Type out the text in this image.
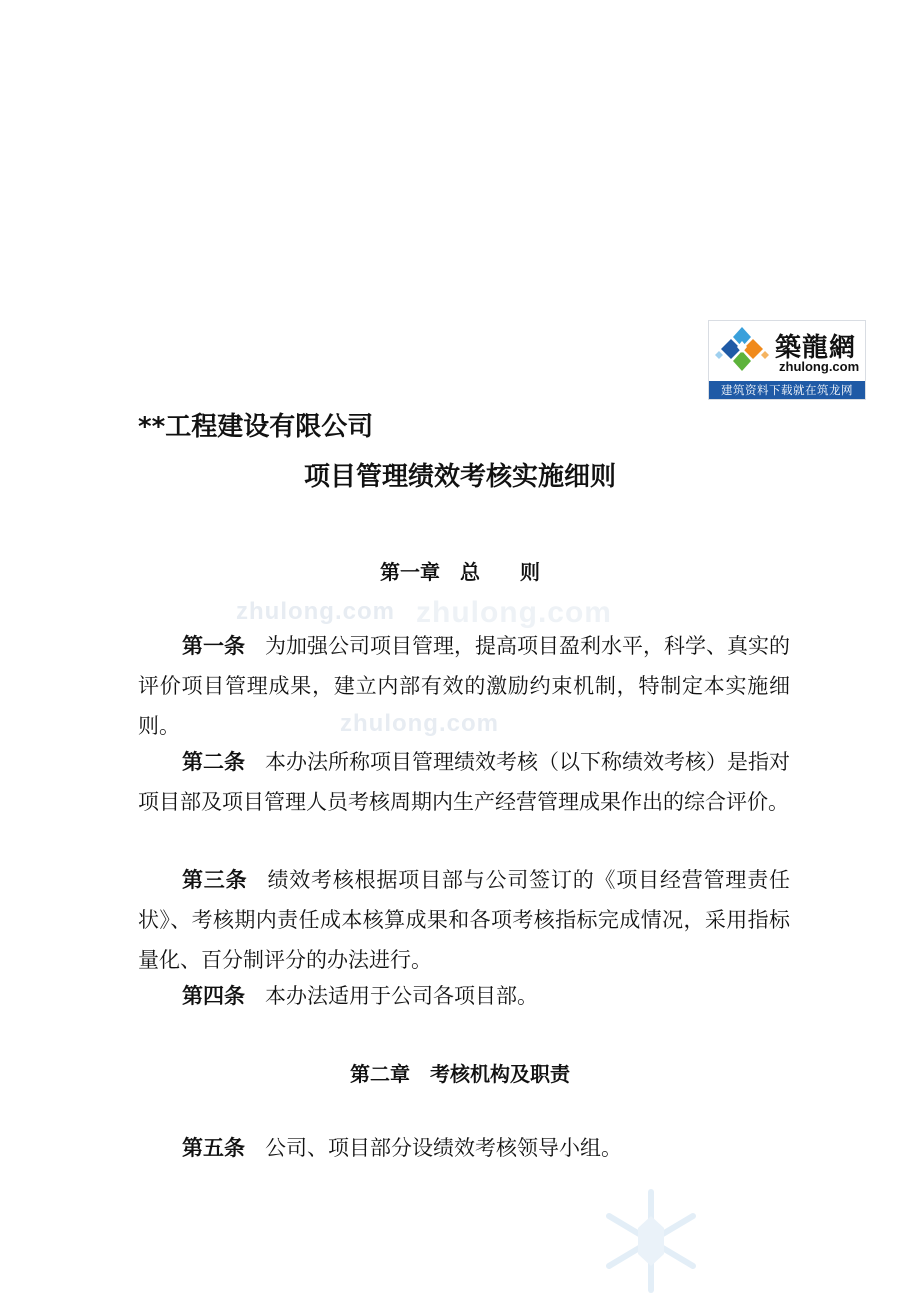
築龍網
zhulong.com
建筑资料下载就在筑龙网
**工程建设有限公司
项目管理绩效考核实施细则
第一章　总　　则
zhulong.com zhulong.com
zhulong.com
第一条 为加强公司项目管理，提高项目盈利水平，科学、真实的评价项目管理成果，建立内部有效的激励约束机制，特制定本实施细则。
第二条 本办法所称项目管理绩效考核（以下称绩效考核）是指对项目部及项目管理人员考核周期内生产经营管理成果作出的综合评价。
第三条 绩效考核根据项目部与公司签订的《项目经营管理责任状》、考核期内责任成本核算成果和各项考核指标完成情况，采用指标量化、百分制评分的办法进行。
第四条 本办法适用于公司各项目部。
第二章　考核机构及职责
第五条 公司、项目部分设绩效考核领导小组。
